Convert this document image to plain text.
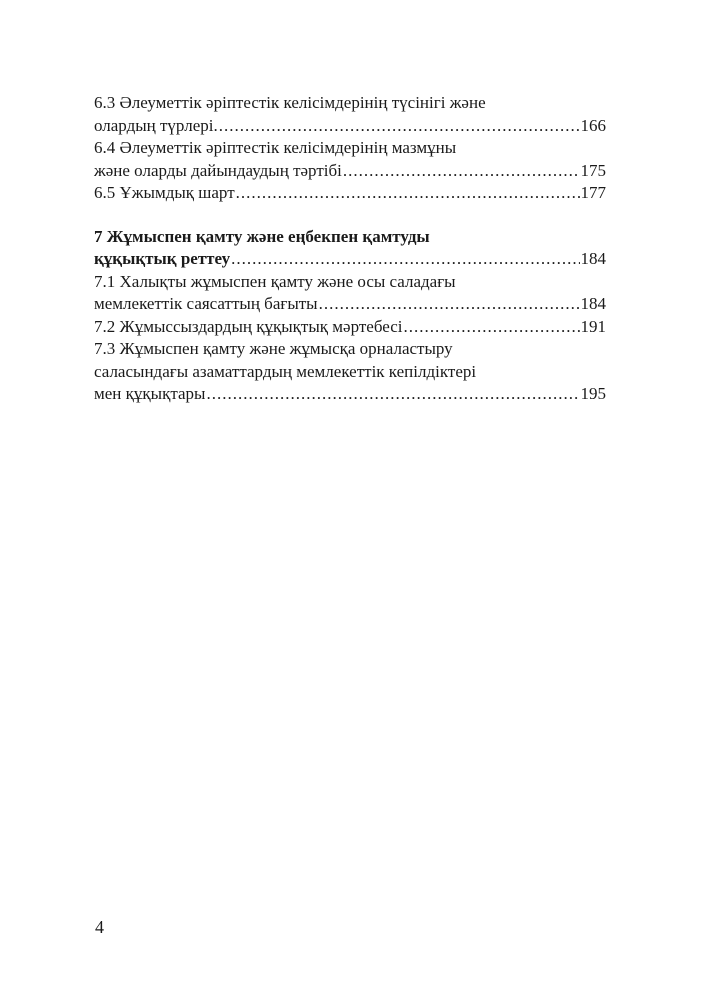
6.3 Әлеуметтік әріптестік келісімдерінің түсінігі және
олардың түрлері. .....	166
6.4 Әлеуметтік әріптестік келісімдерінің мазмұны
және оларды дайындаудың тәртібі .....	175
6.5 Ұжымдық шарт .....	177
7 Жұмыспен қамту және еңбекпен қамтуды
құқықтық реттеу .....	184
7.1 Халықты жұмыспен қамту және осы саладағы
мемлекеттік саясаттың бағыты .....	184
7.2 Жұмыссыздардың құқықтық мәртебесі .....	191
7.3 Жұмыспен қамту және жұмысқа орналастыру
саласындағы азаматтардың мемлекеттік кепілдіктері
мен құқықтары .....	195
4
